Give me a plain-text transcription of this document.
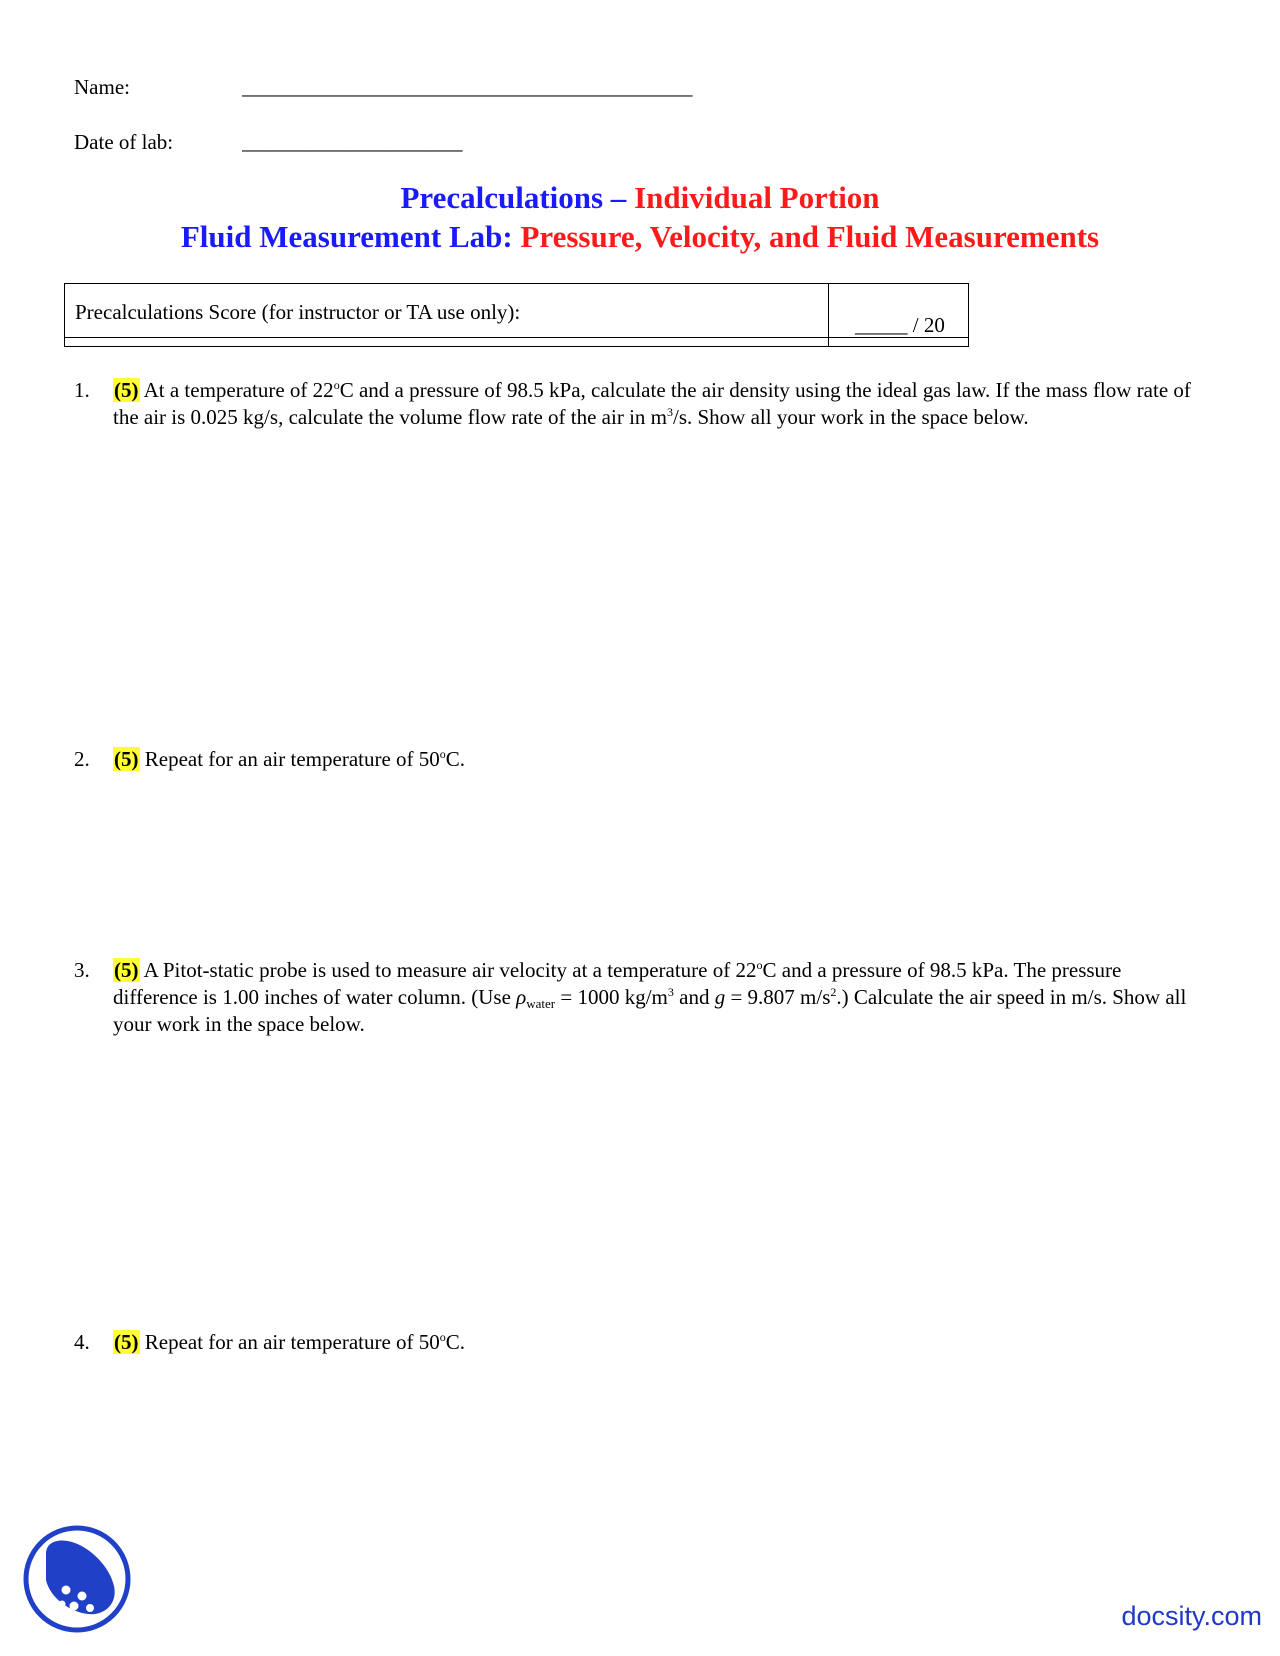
Name:	_____________________________________________
Date of lab:	______________________
Precalculations – Individual Portion
Fluid Measurement Lab: Pressure, Velocity, and Fluid Measurements
Precalculations Score (for instructor or TA use only):
_____ / 20
1. (5) At a temperature of 22$^o$C and a pressure of 98.5 kPa, calculate the air density using the ideal gas law. If the mass flow rate of the air is 0.025 kg/s, calculate the volume flow rate of the air in $m^3/s$. Show all your work in the space below.
2. (5) Repeat for an air temperature of 50$^o$C.
3. (5) A Pitot-static probe is used to measure air velocity at a temperature of 22$^o$C and a pressure of 98.5 kPa. The pressure difference is 1.00 inches of water column. (Use $\rho_{water} = 1000$ $kg/m^3$ and g = 9.807 $m/s^2$.) Calculate the air speed in m/s. Show all your work in the space below.
4. (5) Repeat for an air temperature of 50$^o$C.
docsity.com
